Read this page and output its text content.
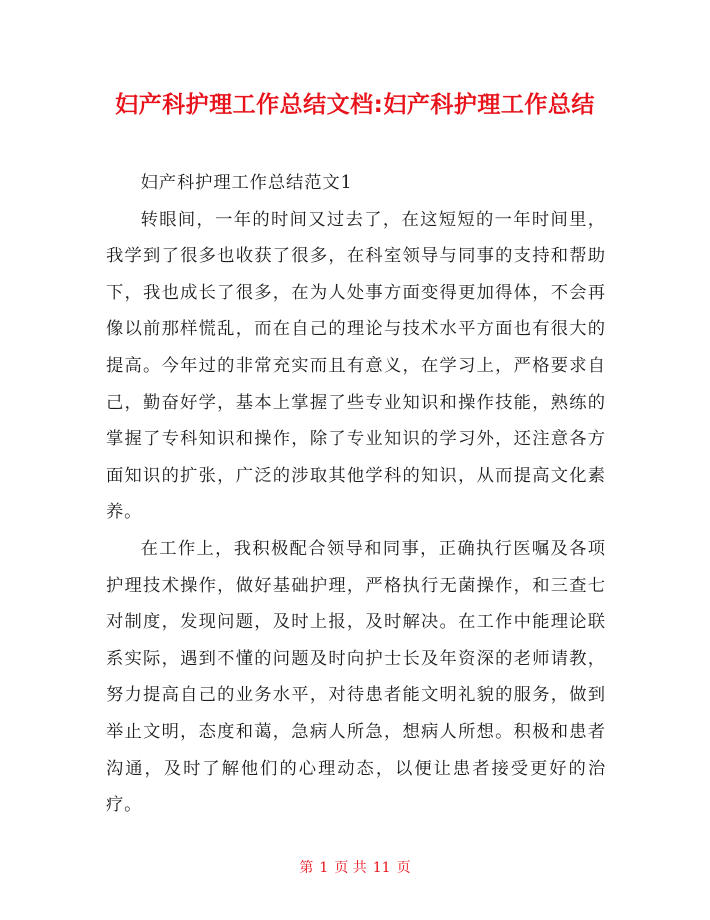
妇产科护理工作总结文档:妇产科护理工作总结

妇产科护理工作总结范文1

转眼间，一年的时间又过去了，在这短短的一年时间里，我学到了很多也收获了很多，在科室领导与同事的支持和帮助下，我也成长了很多，在为人处事方面变得更加得体，不会再像以前那样慌乱，而在自己的理论与技术水平方面也有很大的提高。今年过的非常充实而且有意义，在学习上，严格要求自己，勤奋好学，基本上掌握了些专业知识和操作技能，熟练的掌握了专科知识和操作，除了专业知识的学习外，还注意各方面知识的扩张，广泛的涉取其他学科的知识，从而提高文化素养。

在工作上，我积极配合领导和同事，正确执行医嘱及各项护理技术操作，做好基础护理，严格执行无菌操作，和三查七对制度，发现问题，及时上报，及时解决。在工作中能理论联系实际，遇到不懂的问题及时向护士长及年资深的老师请教，努力提高自己的业务水平，对待患者能文明礼貌的服务，做到举止文明，态度和蔼，急病人所急，想病人所想。积极和患者沟通，及时了解他们的心理动态，以便让患者接受更好的治疗。

第 1 页 共 11 页
